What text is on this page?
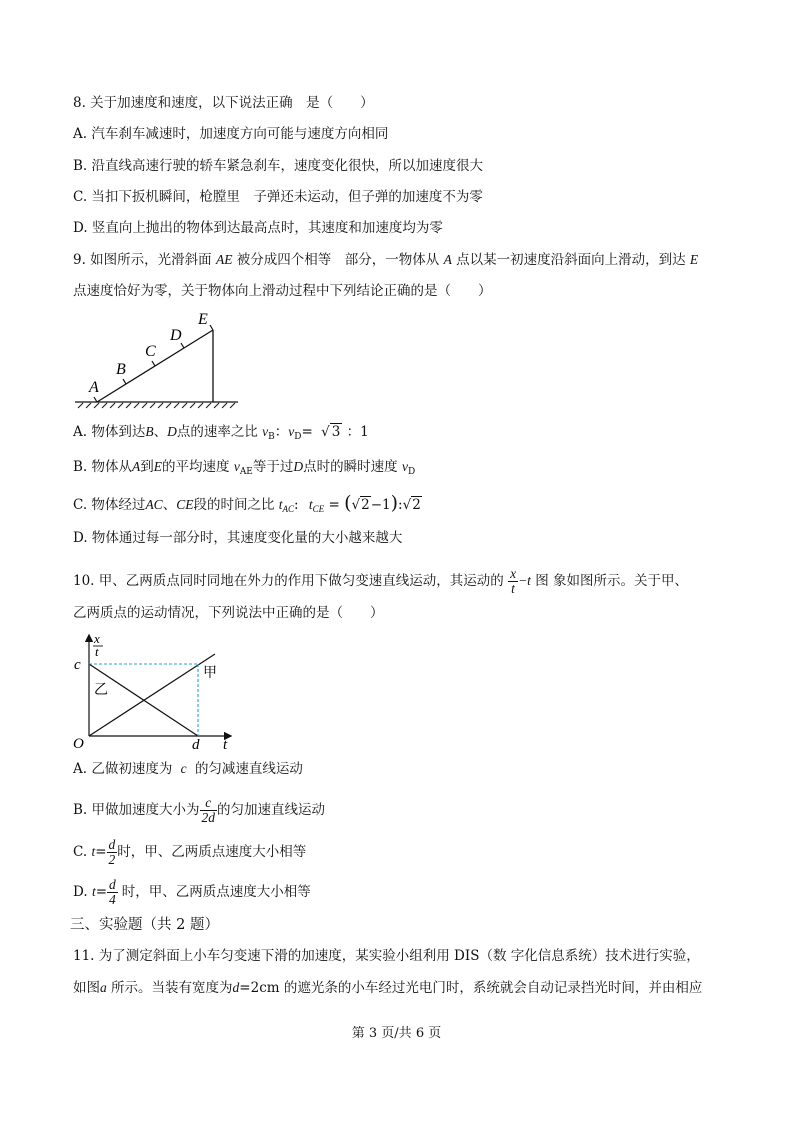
8. 关于加速度和速度，以下说法正确　是（　　）
A. 汽车刹车减速时，加速度方向可能与速度方向相同
B. 沿直线高速行驶的轿车紧急刹车，速度变化很快，所以加速度很大
C. 当扣下扳机瞬间，枪膛里　子弹还未运动，但子弹的加速度不为零
D. 竖直向上抛出的物体到达最高点时，其速度和加速度均为零
9. 如图所示，光滑斜面 AE 被分成四个相等　部分，一物体从 A 点以某一初速度沿斜面向上滑动，到达 E
点速度恰好为零，关于物体向上滑动过程中下列结论正确的是（　　）
A
B
C
D
E
A. 物体到达B、D点的速率之比 $v_B$：$v_D=$ √ 3 ：1
B. 物体从A到E的平均速度 $v_{AE}$等于过D点时的瞬时速度 $v_D$
C. 物体经过AC、CE段的时间之比 $t_{AC}$: $t_{CE}$ = (√2−1):√2
D. 物体通过每一部分时，其速度变化量的大小越来越大
10. 甲、乙两质点同时同地在外力的作用下做匀变速直线运动，其运动的 $\frac{x}{t} -t$ 图 象如图所示。关于甲、
乙两质点的运动情况，下列说法中正确的是（　　）
x
t
c
甲
乙
O	d t
A. 乙做初速度为 c 的匀减速直线运动
B. 甲做加速度大小为 $\frac{c}{2d}$ 的匀加速直线运动
C. $t= \frac{d}{2}$ 时，甲、乙两质点速度大小相等
D. $t= \frac{d}{4}$ 时，甲、乙两质点速度大小相等
三、实验题（共 2 题）
11. 为了测定斜面上小车匀变速下滑的加速度，某实验小组利用 DIS（数 字化信息系统）技术进行实验，
如图a 所示。当装有宽度为d=2cm 的遮光条的小车经过光电门时，系统就会自动记录挡光时间，并由相应
第 3 页/共 6 页
